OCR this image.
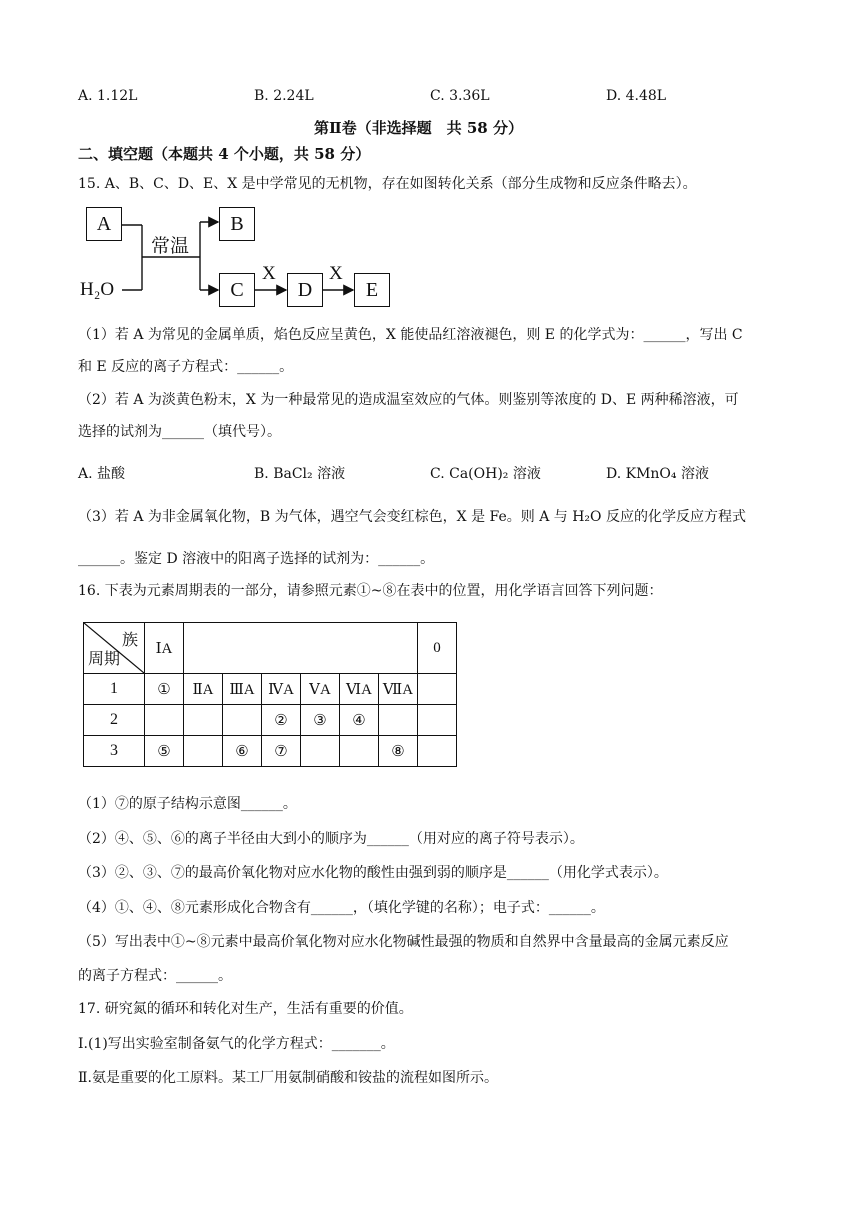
A. 1.12L	B. 2.24L	C. 3.36L	D. 4.48L
第Ⅱ卷（非选择题　共 58 分）
二、填空题（本题共 4 个小题，共 58 分）
15. A、B、C、D、E、X 是中学常见的无机物，存在如图转化关系（部分生成物和反应条件略去）。
A	B
C	D	E
H₂O
常温
X	X
（1）若 A 为常见的金属单质，焰色反应呈黄色，X 能使品红溶液褪色，则 E 的化学式为：______，写出 C
和 E 反应的离子方程式：______。
（2）若 A 为淡黄色粉末，X 为一种最常见的造成温室效应的气体。则鉴别等浓度的 D、E 两种稀溶液，可
选择的试剂为______（填代号）。
A. 盐酸	B. BaCl₂ 溶液	C. Ca(OH)₂ 溶液	D. KMnO₄ 溶液
（3）若 A 为非金属氧化物，B 为气体，遇空气会变红棕色，X 是 Fe。则 A 与 H₂O 反应的化学反应方程式
______。鉴定 D 溶液中的阳离子选择的试剂为：______。
16. 下表为元素周期表的一部分，请参照元素①~⑧在表中的位置，用化学语言回答下列问题：
族
周期	ⅠA							0
1	①	ⅡA	ⅢA	ⅣA	ⅤA	ⅥA	ⅦA	
2				②	③	④		
3	⑤		⑥	⑦			⑧	
（1）⑦的原子结构示意图______。
（2）④、⑤、⑥的离子半径由大到小的顺序为______（用对应的离子符号表示）。
（3）②、③、⑦的最高价氧化物对应水化物的酸性由强到弱的顺序是______（用化学式表示）。
（4）①、④、⑧元素形成化合物含有______，（填化学键的名称）；电子式：______。
（5）写出表中①~⑧元素中最高价氧化物对应水化物碱性最强的物质和自然界中含量最高的金属元素反应
的离子方程式：______。
17. 研究氮的循环和转化对生产，生活有重要的价值。
Ⅰ.(1)写出实验室制备氨气的化学方程式：_______。
Ⅱ.氨是重要的化工原料。某工厂用氨制硝酸和铵盐的流程如图所示。
